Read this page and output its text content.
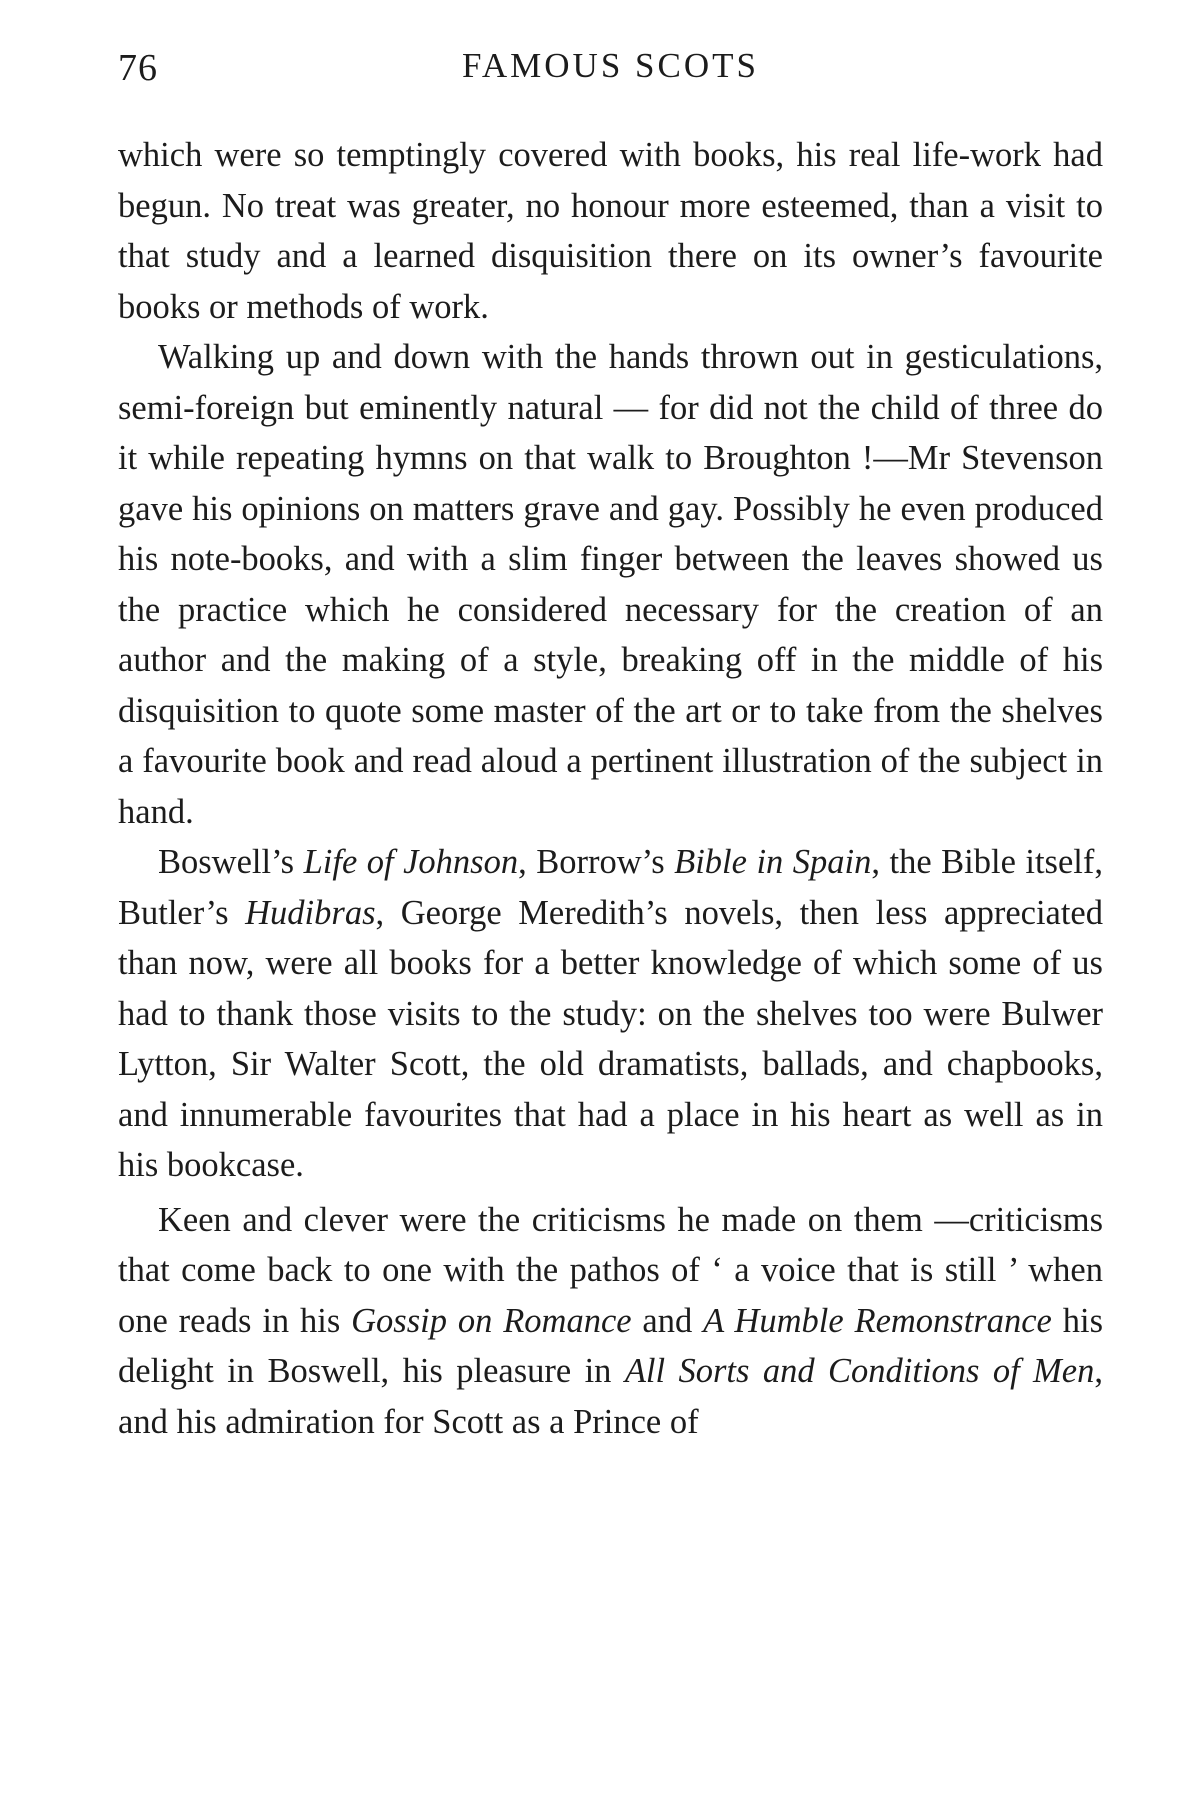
76	FAMOUS SCOTS

which were so temptingly covered with books, his real life-work had begun. No treat was greater, no honour more esteemed, than a visit to that study and a learned disquisition there on its owner’s favourite books or methods of work.

Walking up and down with the hands thrown out in gesticulations, semi-foreign but eminently natural — for did not the child of three do it while repeating hymns on that walk to Broughton !—Mr Stevenson gave his opinions on matters grave and gay. Possibly he even produced his note-books, and with a slim finger between the leaves showed us the practice which he considered necessary for the creation of an author and the making of a style, breaking off in the middle of his disquisition to quote some master of the art or to take from the shelves a favourite book and read aloud a pertinent illustration of the subject in hand.

Boswell’s Life of Johnson, Borrow’s Bible in Spain, the Bible itself, Butler’s Hudibras, George Meredith’s novels, then less appreciated than now, were all books for a better knowledge of which some of us had to thank those visits to the study: on the shelves too were Bulwer Lytton, Sir Walter Scott, the old dramatists, ballads, and chapbooks, and innumerable favourites that had a place in his heart as well as in his bookcase.

Keen and clever were the criticisms he made on them —criticisms that come back to one with the pathos of ‘ a voice that is still ’ when one reads in his Gossip on Romance and A Humble Remonstrance his delight in Boswell, his pleasure in All Sorts and Conditions of Men, and his admiration for Scott as a Prince of
